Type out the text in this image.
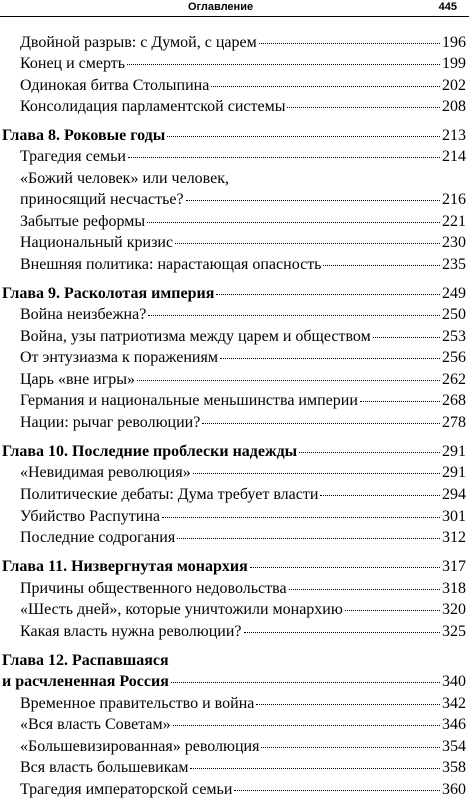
Оглавление	445
Двойной разрыв: с Думой, с царем	196
Конец и смерть	199
Одинокая битва Столыпина	202
Консолидация парламентской системы	208
Глава 8. Роковые годы	213
Трагедия семьи	214
«Божий человек» или человек,
приносящий несчастье?	216
Забытые реформы	221
Национальный кризис	230
Внешняя политика: нарастающая опасность	235
Глава 9. Расколотая империя	249
Война неизбежна?	250
Война, узы патриотизма между царем и обществом	253
От энтузиазма к поражениям	256
Царь «вне игры»	262
Германия и национальные меньшинства империи	268
Нации: рычаг революции?	278
Глава 10. Последние проблески надежды	291
«Невидимая революция»	291
Политические дебаты: Дума требует власти	294
Убийство Распутина	301
Последние содрогания	312
Глава 11. Низвергнутая монархия	317
Причины общественного недовольства	318
«Шесть дней», которые уничтожили монархию	320
Какая власть нужна революции?	325
Глава 12. Распавшаяся
и расчлененная Россия	340
Временное правительство и война	342
«Вся власть Советам»	346
«Большевизированная» революция	354
Вся власть большевикам	358
Трагедия императорской семьи	360
